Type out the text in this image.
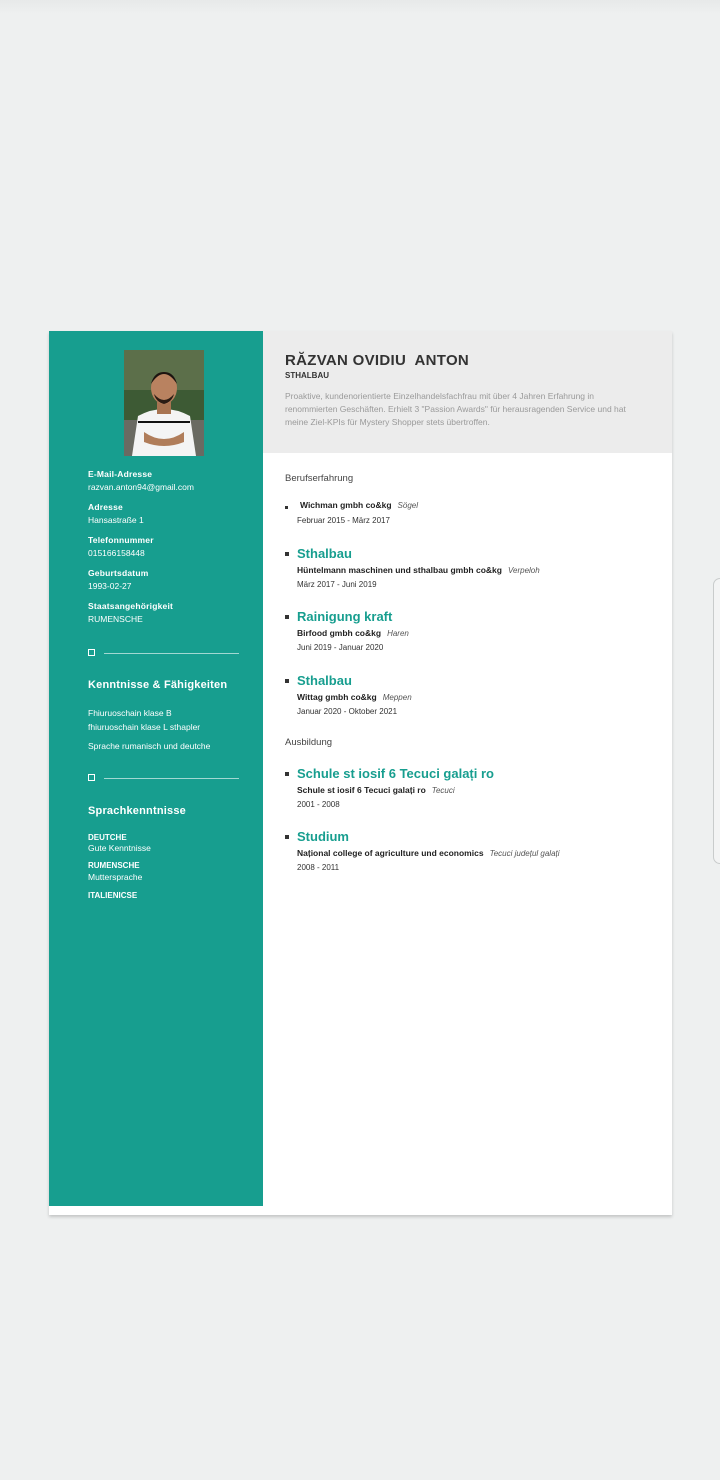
E-Mail-Adresse
razvan.anton94@gmail.com
Adresse
Hansastraße 1
Telefonnummer
015166158448
Geburtsdatum
1993-02-27
Staatsangehörigkeit
RUMENSCHE
Kenntnisse & Fähigkeiten
Fhiuruoschain klase B
fhiuruoschain klase L sthapler
Sprache rumanisch und deutche
Sprachkenntnisse
DEUTCHE
Gute Kenntnisse
RUMENSCHE
Muttersprache
ITALIENICSE
RĂZVAN OVIDIU  ANTON
STHALBAU
Proaktive, kundenorientierte Einzelhandelsfachfrau mit über 4 Jahren Erfahrung in renommierten Geschäften. Erhielt 3 "Passion Awards" für herausragenden Service und hat meine Ziel-KPIs für Mystery Shopper stets übertroffen.
Berufserfahrung
Wichman gmbh co&kg Sögel
Februar 2015 - März 2017
Sthalbau
Hüntelmann maschinen und sthalbau gmbh co&kg Verpeloh
März 2017 - Juni 2019
Rainigung kraft
Birfood gmbh co&kg Haren
Juni 2019 - Januar 2020
Sthalbau
Wittag gmbh co&kg Meppen
Januar 2020 - Oktober 2021
Ausbildung
Schule st iosif 6 Tecuci galați ro
Schule st iosif 6 Tecuci galați ro Tecuci
2001 - 2008
Studium
Național college of agriculture und economics Tecuci județul galați
2008 - 2011
